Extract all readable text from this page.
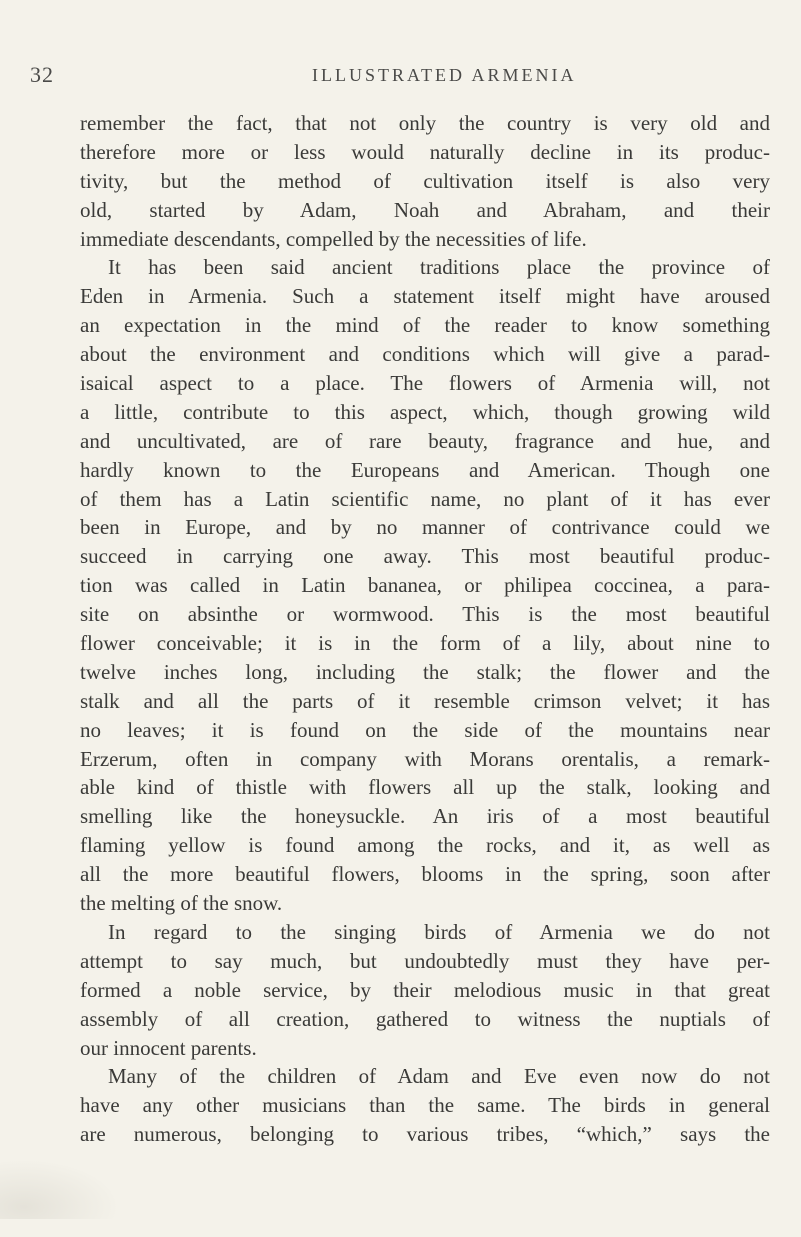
32	ILLUSTRATED ARMENIA
remember the fact, that not only the country is very old and
therefore more or less would naturally decline in its produc-
tivity, but the method of cultivation itself is also very
old, started by Adam, Noah and Abraham, and their
immediate descendants, compelled by the necessities of life.
It has been said ancient traditions place the province of
Eden in Armenia. Such a statement itself might have aroused
an expectation in the mind of the reader to know something
about the environment and conditions which will give a parad-
isaical aspect to a place. The flowers of Armenia will, not
a little, contribute to this aspect, which, though growing wild
and uncultivated, are of rare beauty, fragrance and hue, and
hardly known to the Europeans and American. Though one
of them has a Latin scientific name, no plant of it has ever
been in Europe, and by no manner of contrivance could we
succeed in carrying one away. This most beautiful produc-
tion was called in Latin bananea, or philipea coccinea, a para-
site on absinthe or wormwood. This is the most beautiful
flower conceivable; it is in the form of a lily, about nine to
twelve inches long, including the stalk; the flower and the
stalk and all the parts of it resemble crimson velvet; it has
no leaves; it is found on the side of the mountains near
Erzerum, often in company with Morans orentalis, a remark-
able kind of thistle with flowers all up the stalk, looking and
smelling like the honeysuckle. An iris of a most beautiful
flaming yellow is found among the rocks, and it, as well as
all the more beautiful flowers, blooms in the spring, soon after
the melting of the snow.
In regard to the singing birds of Armenia we do not
attempt to say much, but undoubtedly must they have per-
formed a noble service, by their melodious music in that great
assembly of all creation, gathered to witness the nuptials of
our innocent parents.
Many of the children of Adam and Eve even now do not
have any other musicians than the same. The birds in general
are numerous, belonging to various tribes, “which,” says the
